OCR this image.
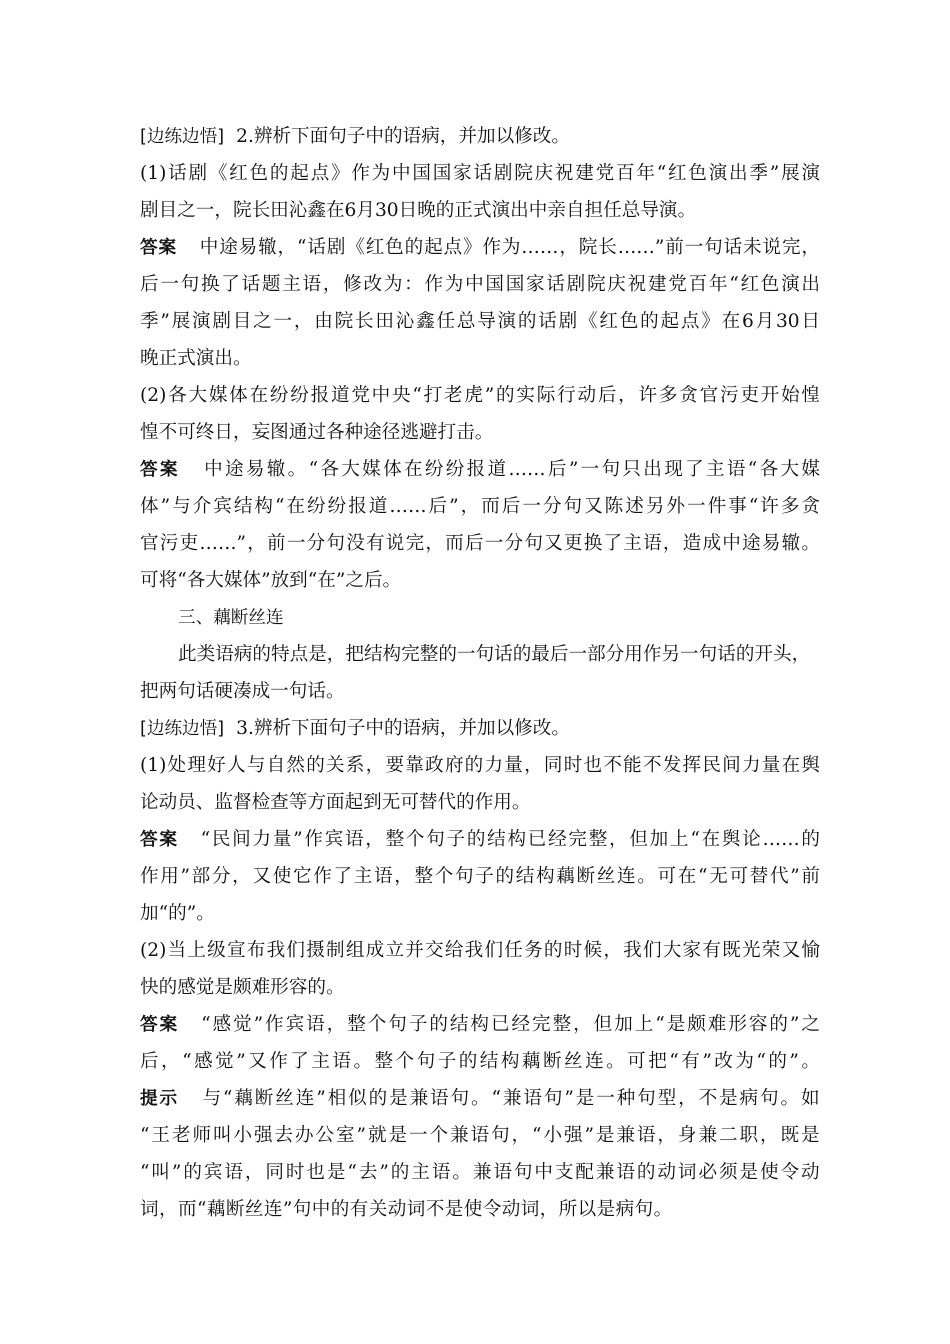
[边练边悟] 2.辨析下面句子中的语病，并加以修改。
(1)话剧《红色的起点》作为中国国家话剧院庆祝建党百年“红色演出季”展演
剧目之一，院长田沁鑫在6月30日晚的正式演出中亲自担任总导演。
答案 中途易辙，“话剧《红色的起点》作为……，院长……”前一句话未说完，
后一句换了话题主语，修改为：作为中国国家话剧院庆祝建党百年“红色演出
季”展演剧目之一，由院长田沁鑫任总导演的话剧《红色的起点》在6月30日
晚正式演出。
(2)各大媒体在纷纷报道党中央“打老虎”的实际行动后，许多贪官污吏开始惶
惶不可终日，妄图通过各种途径逃避打击。
答案 中途易辙。“各大媒体在纷纷报道……后”一句只出现了主语“各大媒
体”与介宾结构“在纷纷报道……后”，而后一分句又陈述另外一件事“许多贪
官污吏……”，前一分句没有说完，而后一分句又更换了主语，造成中途易辙。
可将“各大媒体”放到“在”之后。
三、藕断丝连
此类语病的特点是，把结构完整的一句话的最后一部分用作另一句话的开头，
把两句话硬凑成一句话。
[边练边悟] 3.辨析下面句子中的语病，并加以修改。
(1)处理好人与自然的关系，要靠政府的力量，同时也不能不发挥民间力量在舆
论动员、监督检查等方面起到无可替代的作用。
答案 “民间力量”作宾语，整个句子的结构已经完整，但加上“在舆论……的
作用”部分，又使它作了主语，整个句子的结构藕断丝连。可在“无可替代”前
加“的”。
(2)当上级宣布我们摄制组成立并交给我们任务的时候，我们大家有既光荣又愉
快的感觉是颇难形容的。
答案 “感觉”作宾语，整个句子的结构已经完整，但加上“是颇难形容的”之
后，“感觉”又作了主语。整个句子的结构藕断丝连。可把“有”改为“的”。
提示 与“藕断丝连”相似的是兼语句。“兼语句”是一种句型，不是病句。如
“王老师叫小强去办公室”就是一个兼语句，“小强”是兼语，身兼二职，既是
“叫”的宾语，同时也是“去”的主语。兼语句中支配兼语的动词必须是使令动
词，而“藕断丝连”句中的有关动词不是使令动词，所以是病句。
